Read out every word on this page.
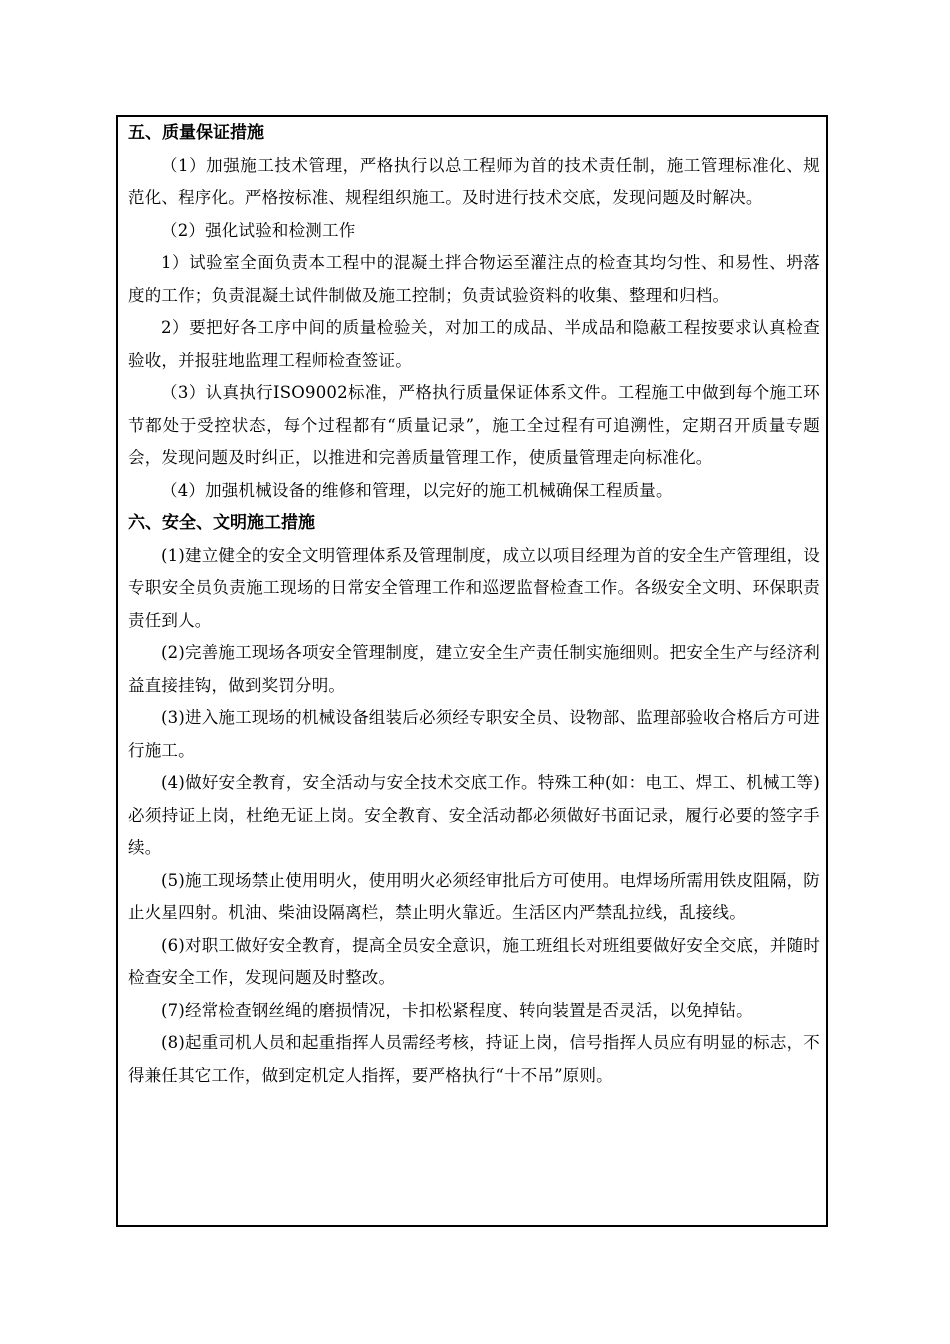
五、质量保证措施

（1）加强施工技术管理，严格执行以总工程师为首的技术责任制，施工管理标准化、规范化、程序化。严格按标准、规程组织施工。及时进行技术交底，发现问题及时解决。

（2）强化试验和检测工作

1）试验室全面负责本工程中的混凝土拌合物运至灌注点的检查其均匀性、和易性、坍落度的工作；负责混凝土试件制做及施工控制；负责试验资料的收集、整理和归档。

2）要把好各工序中间的质量检验关，对加工的成品、半成品和隐蔽工程按要求认真检查验收，并报驻地监理工程师检查签证。

（3）认真执行ISO9002标准，严格执行质量保证体系文件。工程施工中做到每个施工环节都处于受控状态，每个过程都有“质量记录”，施工全过程有可追溯性，定期召开质量专题会，发现问题及时纠正，以推进和完善质量管理工作，使质量管理走向标准化。

（4）加强机械设备的维修和管理，以完好的施工机械确保工程质量。

六、安全、文明施工措施

(1)建立健全的安全文明管理体系及管理制度，成立以项目经理为首的安全生产管理组，设专职安全员负责施工现场的日常安全管理工作和巡逻监督检查工作。各级安全文明、环保职责责任到人。

(2)完善施工现场各项安全管理制度，建立安全生产责任制实施细则。把安全生产与经济利益直接挂钩，做到奖罚分明。

(3)进入施工现场的机械设备组装后必须经专职安全员、设物部、监理部验收合格后方可进行施工。

(4)做好安全教育，安全活动与安全技术交底工作。特殊工种(如：电工、焊工、机械工等)必须持证上岗，杜绝无证上岗。安全教育、安全活动都必须做好书面记录，履行必要的签字手续。

(5)施工现场禁止使用明火，使用明火必须经审批后方可使用。电焊场所需用铁皮阻隔，防止火星四射。机油、柴油设隔离栏，禁止明火靠近。生活区内严禁乱拉线，乱接线。

(6)对职工做好安全教育，提高全员安全意识，施工班组长对班组要做好安全交底，并随时检查安全工作，发现问题及时整改。

(7)经常检查钢丝绳的磨损情况，卡扣松紧程度、转向装置是否灵活，以免掉钻。

(8)起重司机人员和起重指挥人员需经考核，持证上岗，信号指挥人员应有明显的标志，不得兼任其它工作，做到定机定人指挥，要严格执行“十不吊”原则。
